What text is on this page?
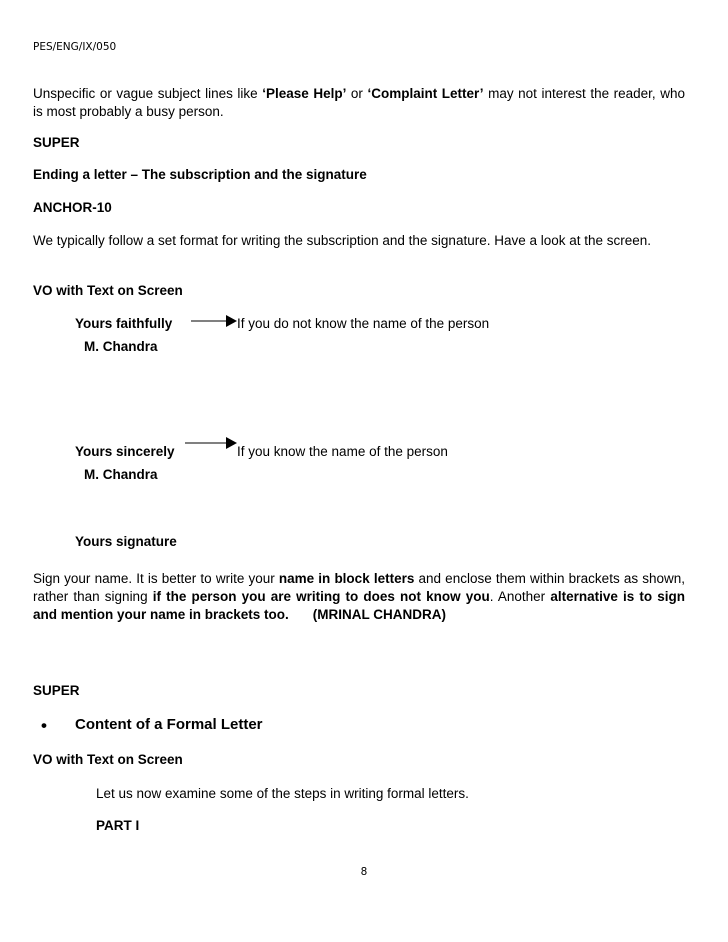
PES/ENG/IX/050
Unspecific or vague subject lines like ‘Please Help’ or ‘Complaint Letter’ may not interest the reader, who is most probably a busy person.
SUPER
Ending a letter – The subscription and the signature
ANCHOR-10
We typically follow a set format for writing the subscription and the signature. Have a look at the screen.
VO with Text on Screen
Yours faithfully	If you do not know the name of the person
M. Chandra
Yours sincerely	If you know the name of the person
M. Chandra
Yours signature
Sign your name. It is better to write your name in block letters and enclose them within brackets as shown, rather than signing if the person you are writing to does not know you. Another alternative is to sign and mention your name in brackets too. (MRINAL CHANDRA)
SUPER
• Content of a Formal Letter
VO with Text on Screen
Let us now examine some of the steps in writing formal letters.
PART I
8
